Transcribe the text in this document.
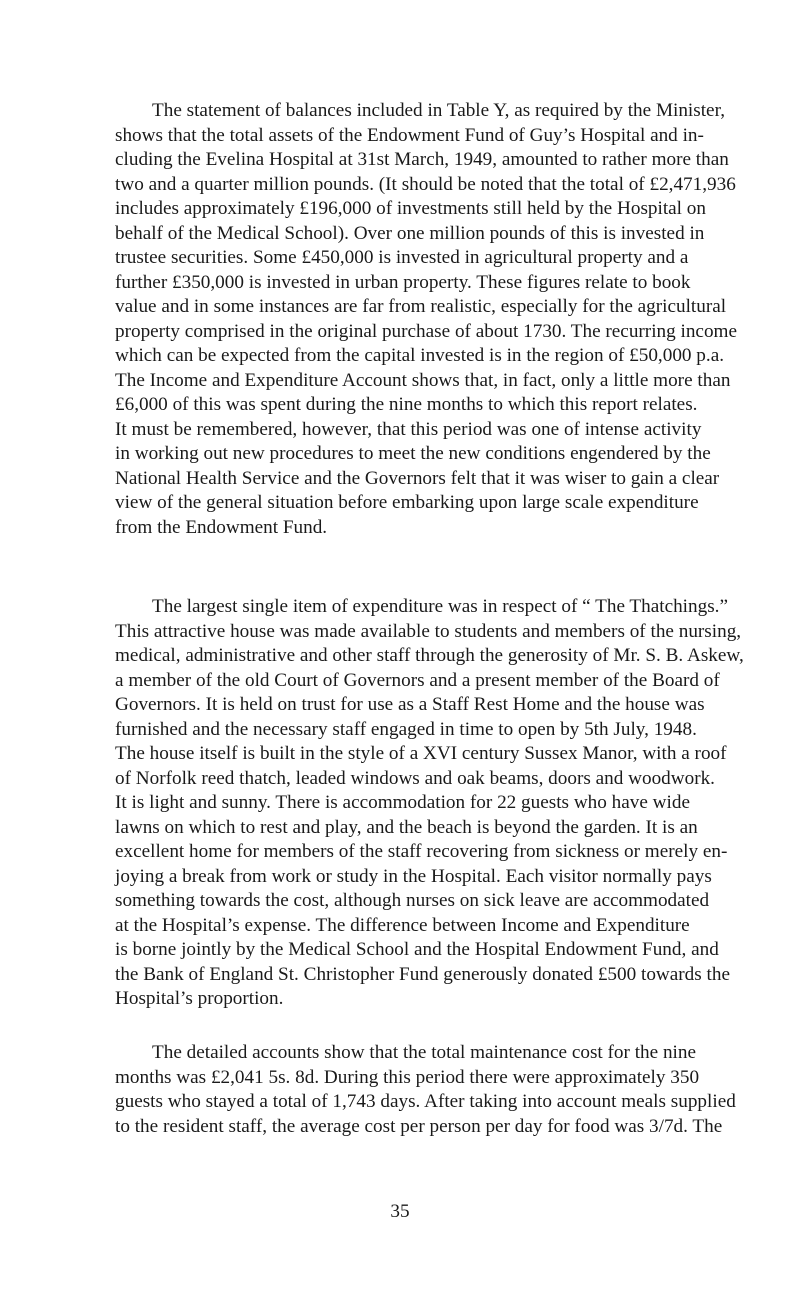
The statement of balances included in Table Y, as required by the Minister,
shows that the total assets of the Endowment Fund of Guy’s Hospital and in-
cluding the Evelina Hospital at 31st March, 1949, amounted to rather more than
two and a quarter million pounds. (It should be noted that the total of £2,471,936
includes approximately £196,000 of investments still held by the Hospital on
behalf of the Medical School). Over one million pounds of this is invested in
trustee securities. Some £450,000 is invested in agricultural property and a
further £350,000 is invested in urban property. These figures relate to book
value and in some instances are far from realistic, especially for the agricultural
property comprised in the original purchase of about 1730. The recurring income
which can be expected from the capital invested is in the region of £50,000 p.a.
The Income and Expenditure Account shows that, in fact, only a little more than
£6,000 of this was spent during the nine months to which this report relates.
It must be remembered, however, that this period was one of intense activity
in working out new procedures to meet the new conditions engendered by the
National Health Service and the Governors felt that it was wiser to gain a clear
view of the general situation before embarking upon large scale expenditure
from the Endowment Fund.

The largest single item of expenditure was in respect of “ The Thatchings.”
This attractive house was made available to students and members of the nursing,
medical, administrative and other staff through the generosity of Mr. S. B. Askew,
a member of the old Court of Governors and a present member of the Board of
Governors. It is held on trust for use as a Staff Rest Home and the house was
furnished and the necessary staff engaged in time to open by 5th July, 1948.
The house itself is built in the style of a XVI century Sussex Manor, with a roof
of Norfolk reed thatch, leaded windows and oak beams, doors and woodwork.
It is light and sunny. There is accommodation for 22 guests who have wide
lawns on which to rest and play, and the beach is beyond the garden. It is an
excellent home for members of the staff recovering from sickness or merely en-
joying a break from work or study in the Hospital. Each visitor normally pays
something towards the cost, although nurses on sick leave are accommodated
at the Hospital’s expense. The difference between Income and Expenditure
is borne jointly by the Medical School and the Hospital Endowment Fund, and
the Bank of England St. Christopher Fund generously donated £500 towards the
Hospital’s proportion.

The detailed accounts show that the total maintenance cost for the nine
months was £2,041 5s. 8d. During this period there were approximately 350
guests who stayed a total of 1,743 days. After taking into account meals supplied
to the resident staff, the average cost per person per day for food was 3/7d. The

35
